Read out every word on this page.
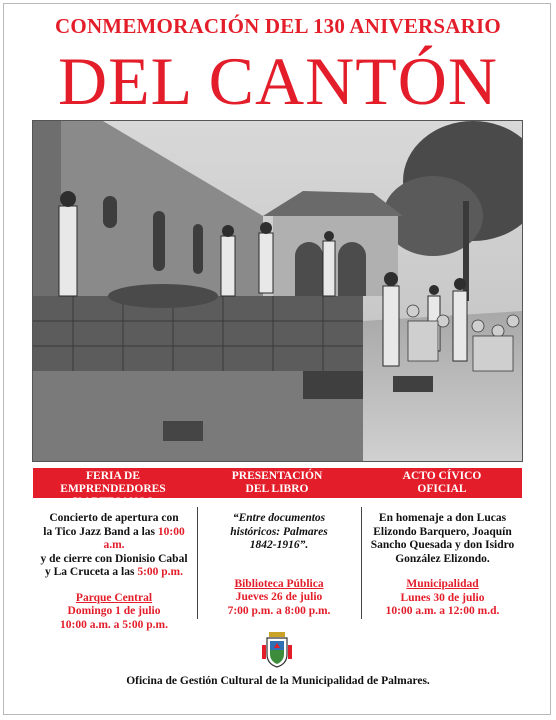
CONMEMORACIÓN DEL 130 ANIVERSARIO
DEL CANTÓN
FERIA DE EMPRENDEDORES
Y ARTESANOS
PRESENTACIÓN
DEL LIBRO
ACTO CÍVICO
OFICIAL
Concierto de apertura con
la Tico Jazz Band a las 10:00 a.m.
y de cierre con Dionisio Cabal
y La Cruceta a las 5:00 p.m.
Parque Central
Domingo 1 de julio
10:00 a.m. a 5:00 p.m.
“Entre documentos
históricos: Palmares
1842-1916”.
Biblioteca Pública
Jueves 26 de julio
7:00 p.m. a 8:00 p.m.
En homenaje a don Lucas
Elizondo Barquero, Joaquín
Sancho Quesada y don Isidro
González Elizondo.
Municipalidad
Lunes 30 de julio
10:00 a.m. a 12:00 m.d.
Oficina de Gestión Cultural de la Municipalidad de Palmares.
